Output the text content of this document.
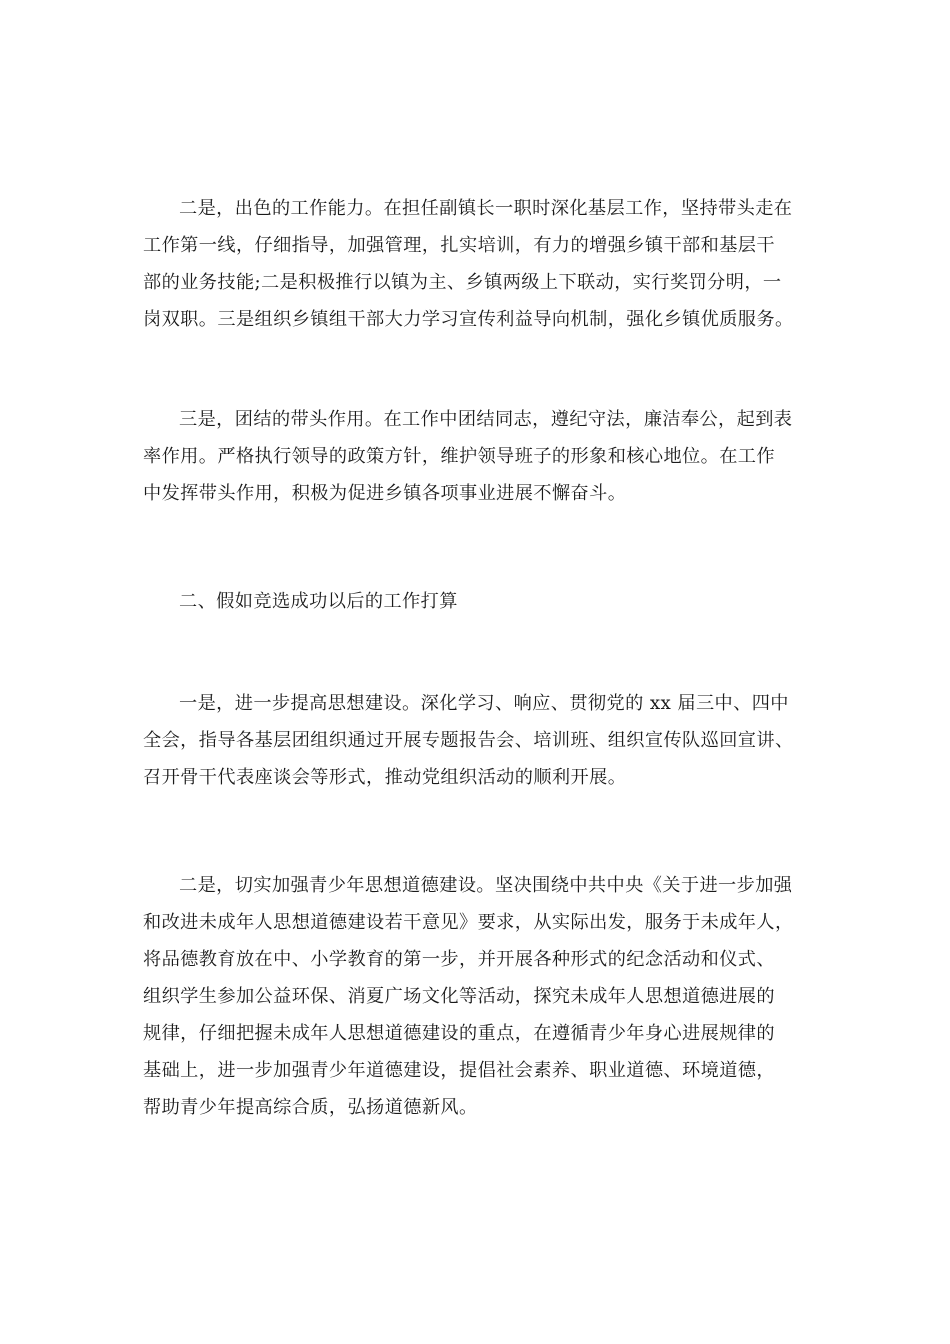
二是，出色的工作能力。在担任副镇长一职时深化基层工作，坚持带头走在
工作第一线，仔细指导，加强管理，扎实培训，有力的增强乡镇干部和基层干
部的业务技能;二是积极推行以镇为主、乡镇两级上下联动，实行奖罚分明，一
岗双职。三是组织乡镇组干部大力学习宣传利益导向机制，强化乡镇优质服务。
三是，团结的带头作用。在工作中团结同志，遵纪守法，廉洁奉公，起到表
率作用。严格执行领导的政策方针，维护领导班子的形象和核心地位。在工作
中发挥带头作用，积极为促进乡镇各项事业进展不懈奋斗。
二、假如竞选成功以后的工作打算
一是，进一步提高思想建设。深化学习、响应、贯彻党的 xx 届三中、四中
全会，指导各基层团组织通过开展专题报告会、培训班、组织宣传队巡回宣讲、
召开骨干代表座谈会等形式，推动党组织活动的顺利开展。
二是，切实加强青少年思想道德建设。坚决围绕中共中央《关于进一步加强
和改进未成年人思想道德建设若干意见》要求，从实际出发，服务于未成年人，
将品德教育放在中、小学教育的第一步，并开展各种形式的纪念活动和仪式、
组织学生参加公益环保、消夏广场文化等活动，探究未成年人思想道德进展的
规律，仔细把握未成年人思想道德建设的重点，在遵循青少年身心进展规律的
基础上，进一步加强青少年道德建设，提倡社会素养、职业道德、环境道德，
帮助青少年提高综合质，弘扬道德新风。
